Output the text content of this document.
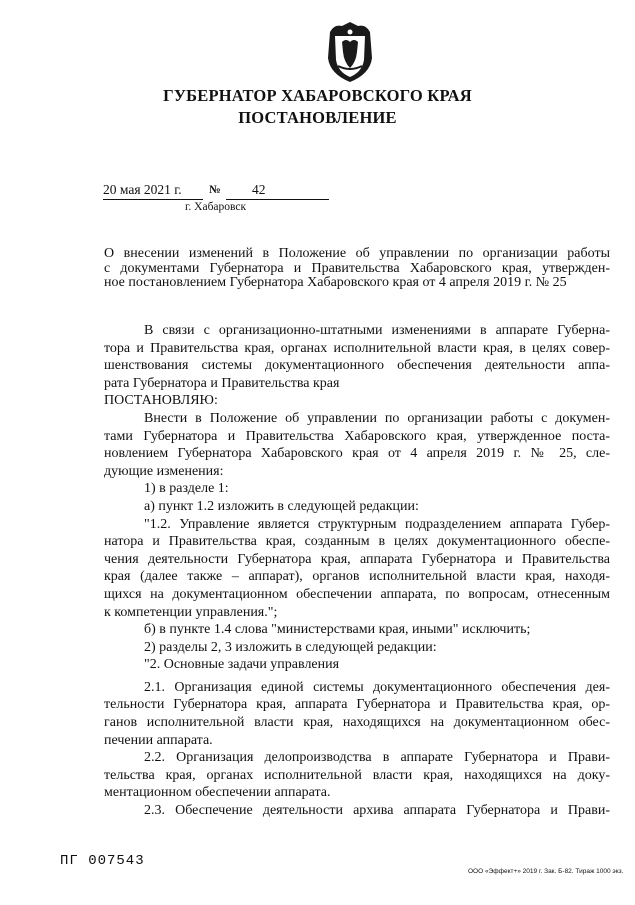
ГУБЕРНАТОР ХАБАРОВСКОГО КРАЯ
ПОСТАНОВЛЕНИЕ
20 мая 2021 г. № 42
г. Хабаровск
О внесении изменений в Положение об управлении по организации работы
с документами Губернатора и Правительства Хабаровского края, утвержден-
ное постановлением Губернатора Хабаровского края от 4 апреля 2019 г. № 25

В связи с организационно-штатными изменениями в аппарате Губерна-
тора и Правительства края, органах исполнительной власти края, в целях совер-
шенствования системы документационного обеспечения деятельности аппа-
рата Губернатора и Правительства края

ПОСТАНОВЛЯЮ:

Внести в Положение об управлении по организации работы с докумен-
тами Губернатора и Правительства Хабаровского края, утвержденное поста-
новлением Губернатора Хабаровского края от 4 апреля 2019 г. № 25, сле-
дующие изменения:

1) в разделе 1:

а) пункт 1.2 изложить в следующей редакции:

"1.2. Управление является структурным подразделением аппарата Губер-
натора и Правительства края, созданным в целях документационного обеспе-
чения деятельности Губернатора края, аппарата Губернатора и Правительства
края (далее также – аппарат), органов исполнительной власти края, находя-
щихся на документационном обеспечении аппарата, по вопросам, отнесенным
к компетенции управления.";

б) в пункте 1.4 слова "министерствами края, иными" исключить;

2) разделы 2, 3 изложить в следующей редакции:

"2. Основные задачи управления

2.1. Организация единой системы документационного обеспечения дея-
тельности Губернатора края, аппарата Губернатора и Правительства края, ор-
ганов исполнительной власти края, находящихся на документационном обес-
печении аппарата.

2.2. Организация делопроизводства в аппарате Губернатора и Прави-
тельства края, органах исполнительной власти края, находящихся на доку-
ментационном обеспечении аппарата.

2.3. Обеспечение деятельности архива аппарата Губернатора и Прави-

ПГ 007543
ООО «Эффект+» 2019 г. Зак. Б-82. Тираж 1000 экз.
